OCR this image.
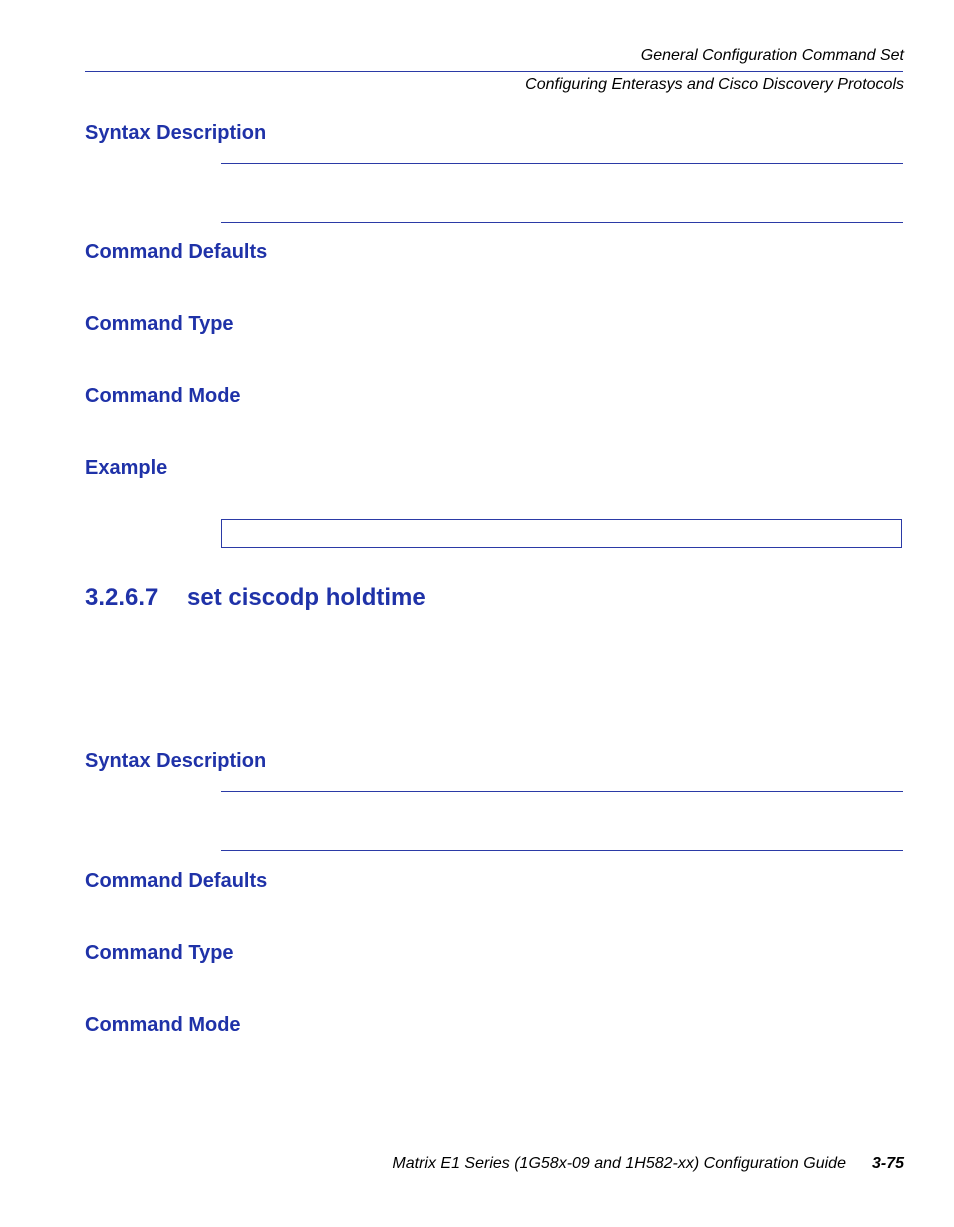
General Configuration Command Set
Configuring Enterasys and Cisco Discovery Protocols
Syntax Description
Command Defaults
Command Type
Command Mode
Example
3.2.6.7 set ciscodp holdtime
Syntax Description
Command Defaults
Command Type
Command Mode
Matrix E1 Series (1G58x-09 and 1H582-xx) Configuration Guide 3-75
